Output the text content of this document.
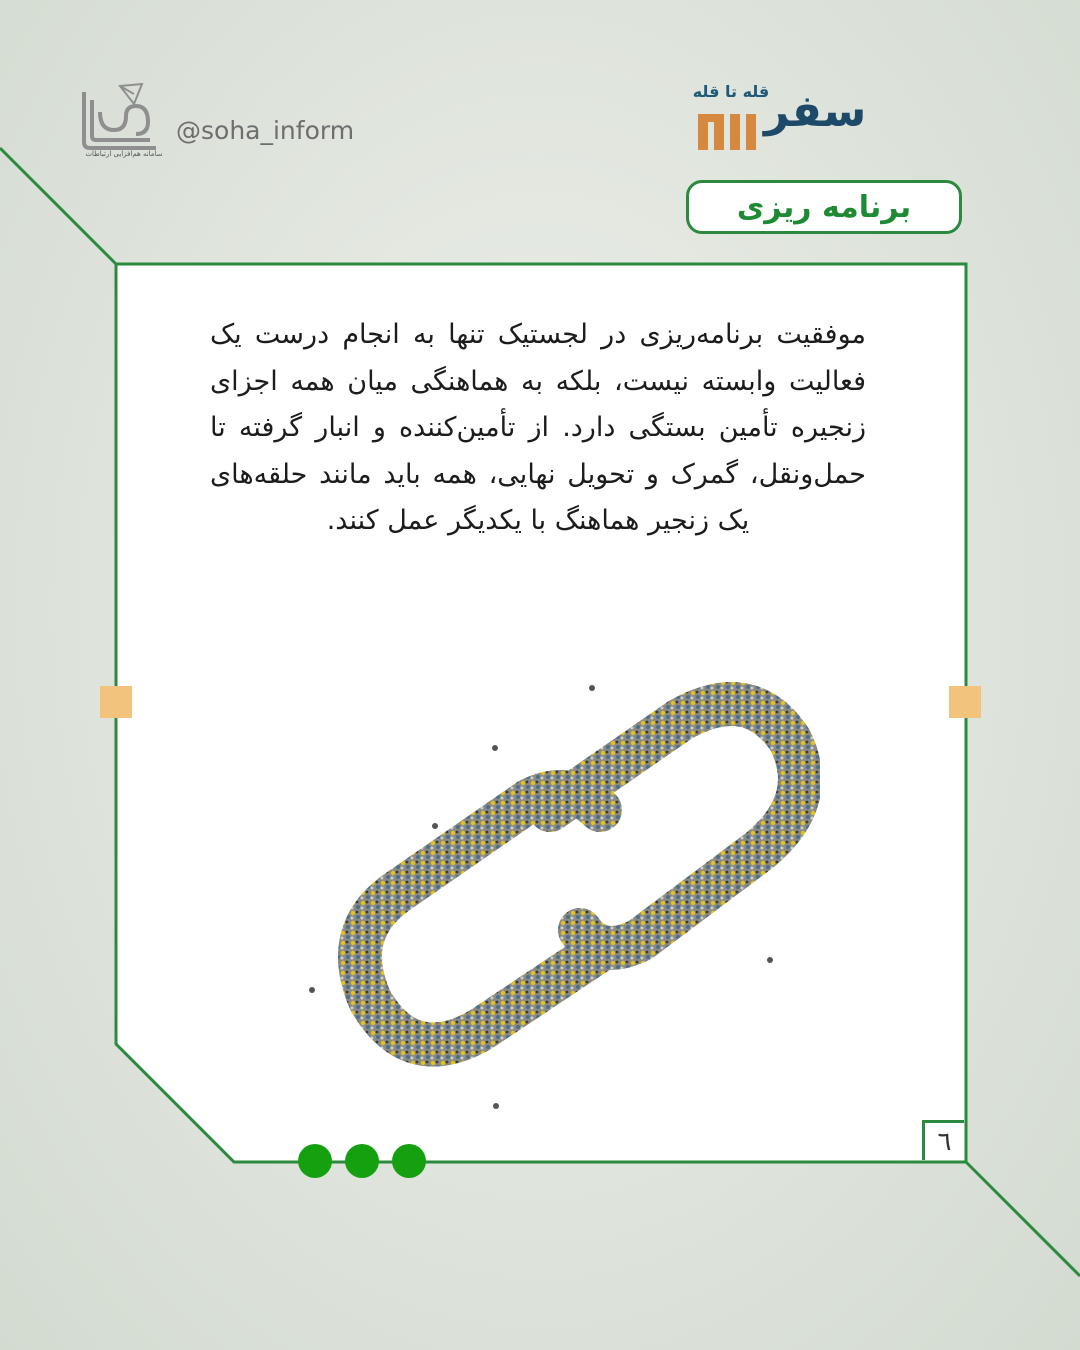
سامانه هم‌افزایی ارتباطات
@soha_inform
قله تا قله
سفر
برنامه ریزی

موفقیت برنامه‌ریزی در لجستیک تنها به انجام درست یک فعالیت وابسته نیست، بلکه به هماهنگی میان همه اجزای زنجیره تأمین بستگی دارد. از تأمین‌کننده و انبار گرفته تا حمل‌ونقل، گمرک و تحویل نهایی، همه باید مانند حلقه‌های یک زنجیر هماهنگ با یکدیگر عمل کنند.

٦
